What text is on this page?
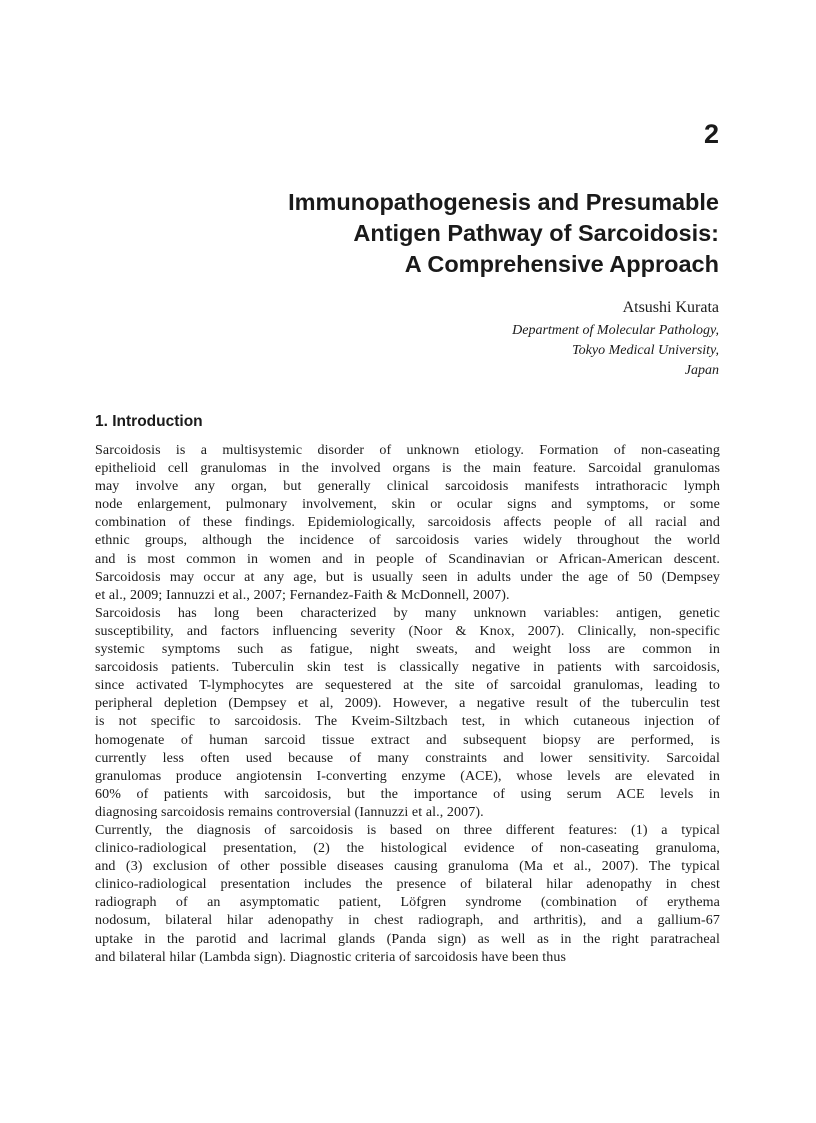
2
Immunopathogenesis and Presumable
Antigen Pathway of Sarcoidosis:
A Comprehensive Approach
Atsushi Kurata
Department of Molecular Pathology,
Tokyo Medical University,
Japan
1. Introduction
Sarcoidosis is a multisystemic disorder of unknown etiology. Formation of non-caseating
epithelioid cell granulomas in the involved organs is the main feature. Sarcoidal granulomas
may involve any organ, but generally clinical sarcoidosis manifests intrathoracic lymph
node enlargement, pulmonary involvement, skin or ocular signs and symptoms, or some
combination of these findings. Epidemiologically, sarcoidosis affects people of all racial and
ethnic groups, although the incidence of sarcoidosis varies widely throughout the world
and is most common in women and in people of Scandinavian or African-American descent.
Sarcoidosis may occur at any age, but is usually seen in adults under the age of 50 (Dempsey
et al., 2009; Iannuzzi et al., 2007; Fernandez-Faith & McDonnell, 2007).
Sarcoidosis has long been characterized by many unknown variables: antigen, genetic
susceptibility, and factors influencing severity (Noor & Knox, 2007). Clinically, non-specific
systemic symptoms such as fatigue, night sweats, and weight loss are common in
sarcoidosis patients. Tuberculin skin test is classically negative in patients with sarcoidosis,
since activated T-lymphocytes are sequestered at the site of sarcoidal granulomas, leading to
peripheral depletion (Dempsey et al, 2009). However, a negative result of the tuberculin test
is not specific to sarcoidosis. The Kveim-Siltzbach test, in which cutaneous injection of
homogenate of human sarcoid tissue extract and subsequent biopsy are performed, is
currently less often used because of many constraints and lower sensitivity. Sarcoidal
granulomas produce angiotensin I-converting enzyme (ACE), whose levels are elevated in
60% of patients with sarcoidosis, but the importance of using serum ACE levels in
diagnosing sarcoidosis remains controversial (Iannuzzi et al., 2007).
Currently, the diagnosis of sarcoidosis is based on three different features: (1) a typical
clinico-radiological presentation, (2) the histological evidence of non-caseating granuloma,
and (3) exclusion of other possible diseases causing granuloma (Ma et al., 2007). The typical
clinico-radiological presentation includes the presence of bilateral hilar adenopathy in chest
radiograph of an asymptomatic patient, Löfgren syndrome (combination of erythema
nodosum, bilateral hilar adenopathy in chest radiograph, and arthritis), and a gallium-67
uptake in the parotid and lacrimal glands (Panda sign) as well as in the right paratracheal
and bilateral hilar (Lambda sign). Diagnostic criteria of sarcoidosis have been thus
